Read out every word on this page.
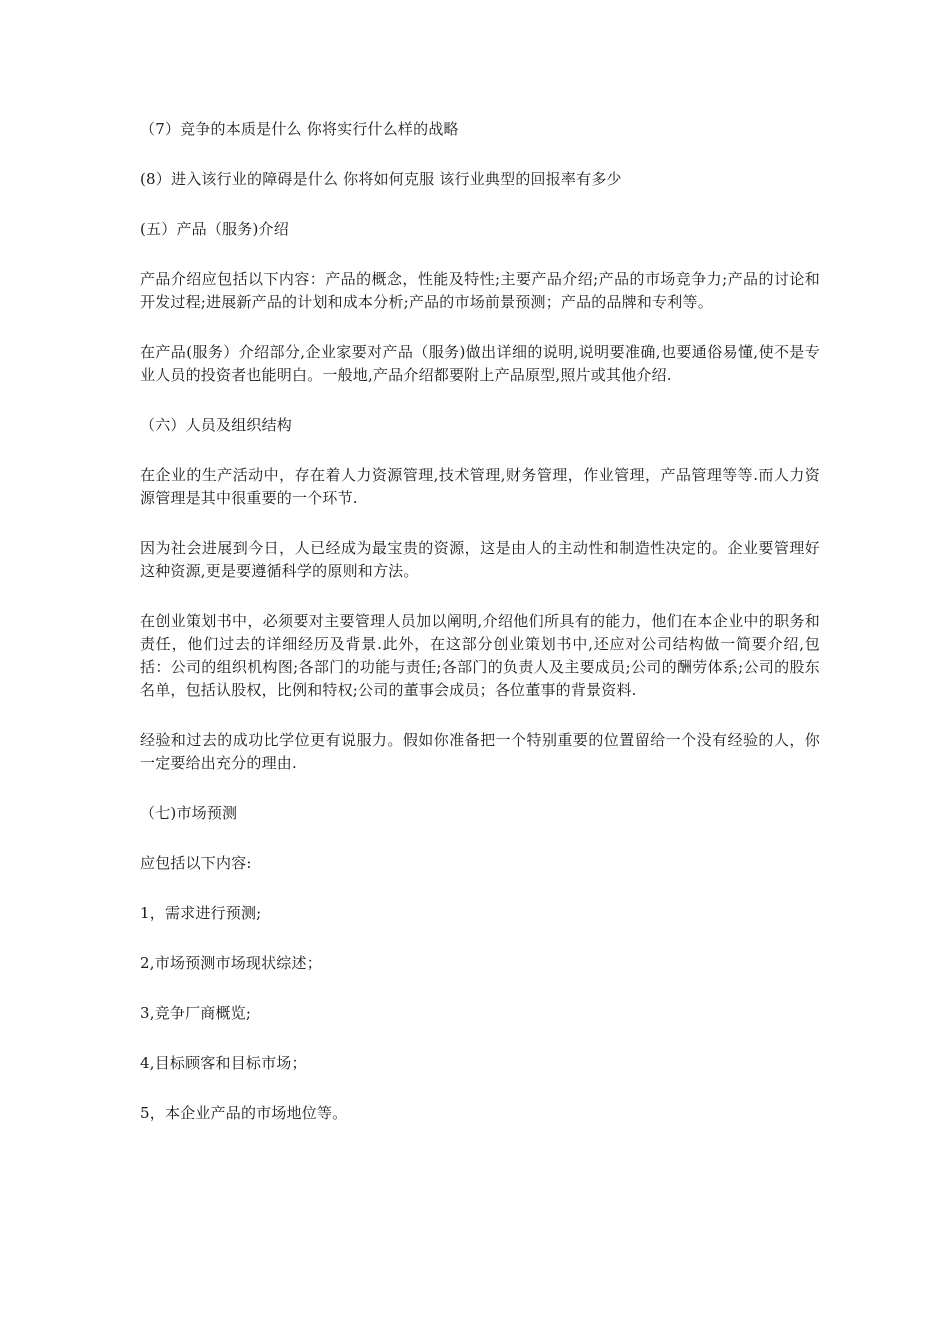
（7）竞争的本质是什么 你将实行什么样的战略

(8）进入该行业的障碍是什么 你将如何克服 该行业典型的回报率有多少

(五）产品（服务)介绍

产品介绍应包括以下内容：产品的概念，性能及特性;主要产品介绍;产品的市场竞争力;产品的讨论和开发过程;进展新产品的计划和成本分析;产品的市场前景预测；产品的品牌和专利等。

在产品(服务）介绍部分,企业家要对产品（服务)做出详细的说明,说明要准确,也要通俗易懂,使不是专业人员的投资者也能明白。一般地,产品介绍都要附上产品原型,照片或其他介绍.

（六）人员及组织结构

在企业的生产活动中，存在着人力资源管理,技术管理,财务管理，作业管理，产品管理等等.而人力资源管理是其中很重要的一个环节.

因为社会进展到今日，人已经成为最宝贵的资源，这是由人的主动性和制造性决定的。企业要管理好这种资源,更是要遵循科学的原则和方法。

在创业策划书中，必须要对主要管理人员加以阐明,介绍他们所具有的能力，他们在本企业中的职务和责任，他们过去的详细经历及背景.此外，在这部分创业策划书中,还应对公司结构做一简要介绍,包括：公司的组织机构图;各部门的功能与责任;各部门的负责人及主要成员;公司的酬劳体系;公司的股东名单，包括认股权，比例和特权;公司的董事会成员；各位董事的背景资料.

经验和过去的成功比学位更有说服力。假如你准备把一个特别重要的位置留给一个没有经验的人，你一定要给出充分的理由.

（七)市场预测

应包括以下内容:

1，需求进行预测;

2,市场预测市场现状综述；

3,竞争厂商概览;

4,目标顾客和目标市场；

5，本企业产品的市场地位等。
